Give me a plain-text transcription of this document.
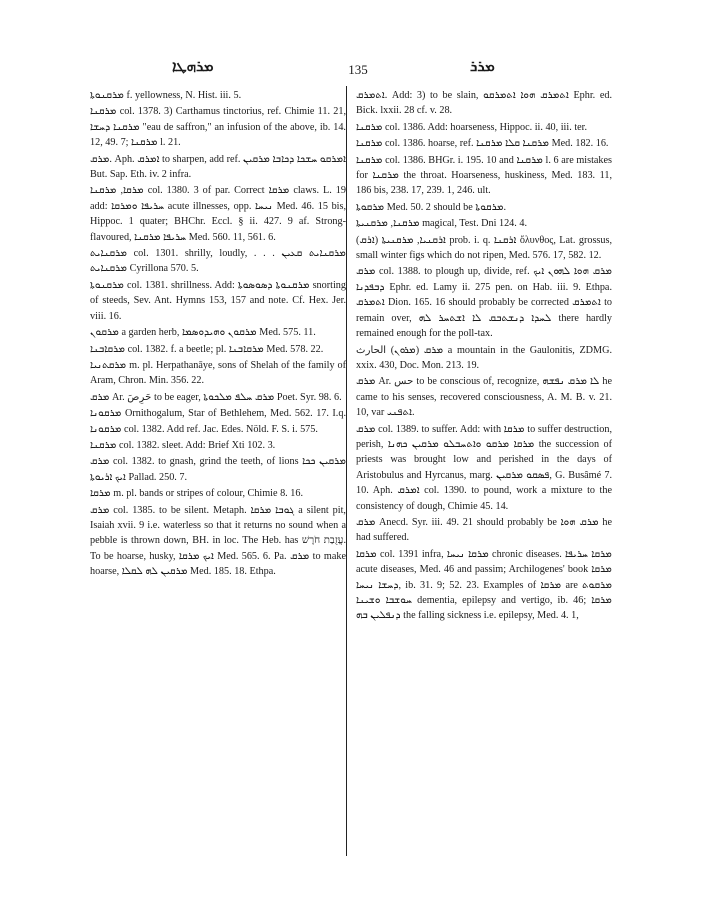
ܡܪܗܛܐ	135	ܡܪܪ

ܡܪܩܢܘܬܐ f. yellowness, N. Hist. iii. 5.

ܡܪܩܢܐ col. 1378. 3) Carthamus tinctorius, ref. Chimie 11. 21, ܡܪܩܢܐ ܕܚܫܐ "eau de saffron," an infusion of the above, ib. 14. 12, 49. 7; ܡܪܩܢܐ l. 21.

ܡܪܩ. Aph. ܐܡܪܩ to sharpen, add ref. ܐܡܪܩܘ ܚܫܟܐ ܕܟܐܒܐ ܡܪܩܝܢ But. Sap. Eth. iv. 2 infra.

ܡܪܩܐ, ܡܪܩܢܐ col. 1380. 3 of par. Correct ܡܪܩܐ claws. L. 19 add: ܚܪܝܦܐ ܘܡܪܩܐ acute illnesses, opp. ܢܝܚܐ Med. 46. 15 bis, Hippoc. 1 quater; BHChr. Eccl. § ii. 427. 9 af. Strong-flavoured, ܚܪܝܦܐ ܡܪܩܢܐ Med. 560. 11, 561. 6.

ܡܪܩܢܐܝܬ col. 1301. shrilly, loudly, . . . ܡܪܩܢܐܝܬ ܩܥܝܢ ܡܪܩܢܐܝܬ Cyrillona 570. 5.

ܡܪܩܢܘܬܐ col. 1381. shrillness. Add: ܡܪܩܢܘܬܐ ܕܣܘܣܘܬܐ snorting of steeds, Sev. Ant. Hymns 153, 157 and note. Cf. Hex. Jer. viii. 16.

ܡܪܩܘܢ a garden herb, ܡܪܩܘܢ ܘܗܝܕܘܣܡܐ Med. 575. 11.

ܡܪܩܐܒܢܐ col. 1382. f. a beetle; pl. ܡܪܩܐܒܢܐ Med. 578. 22.

ܡܪܩܬܢܝܐ m. pl. Herpathanāye, sons of Shelah of the family of Aram, Chron. Min. 356. 22.

ܡܪܩ Ar. حَرِصَ to be eager, ܡܪܩ ܚܠܦ ܡܠܟܘܬܐ Poet. Syr. 98. 6.

ܡܪܩܘܢܐ Ornithogalum, Star of Bethlehem, Med. 562. 17. I.q. ܡܪܩܘܢܐ col. 1382. Add ref. Jac. Edes. Nöld. F. S. i. 575.

ܡܪܩܢܐ col. 1382. sleet. Add: Brief Xti 102. 3.

ܡܪܩ col. 1382. to gnash, grind the teeth, of lions ܡܪܩܝܢ ܟܟܐ ܐܝܟ ܐܪܝܘܬܐ Pallad. 250. 7.

ܡܪܩܐ m. pl. bands or stripes of colour, Chimie 8. 16.

ܡܪܩ col. 1385. to be silent. Metaph. ܓܘܒܐ ܡܪܩܐ a silent pit, Isaiah xvii. 9 i.e. waterless so that it returns no sound when a pebble is thrown down, BH. in loc. The Heb. has עֲזֻבַת חֹרֶשׁ. To be hoarse, husky, ܐܝܟ ܡܪܩܐ Med. 565. 6. Pa. ܡܪܩ to make hoarse, ܡܪܩܝܢ ܠܗ ܠܩܠܐ Med. 185. 18. Ethpa.

ܐܬܡܪܩ. Add: 3) to be slain, ܐܬܡܪܩ ܗܘܐ ܐܬܡܪܩܘ Ephr. ed. Bick. lxxii. 28 cf. v. 28.

ܡܪܩܢܐ col. 1386. Add: hoarseness, Hippoc. ii. 40, iii. ter.

ܡܪܩܢܐ col. 1386. hoarse, ref. ܡܪܩܢܐ ܩܠܐ ܡܪܩܢܐ Med. 182. 16.

ܡܪܩܢܐ col. 1386. BHGr. i. 195. 10 and ܡܪܩܢܐ l. 6 are mistakes for ܡܪܩܢܐ the throat. Hoarseness, huskiness, Med. 183. 11, 186 bis, 238. 17, 239. 1, 246. ult.

ܡܪܩܘܬܐ Med. 50. 2 should be ܡܪܩܘܬܐ.

ܡܪܩܢܐ, ܡܪܩܢܝܬܐ magical, Test. Dni 124. 4.

ܐܪܩܢܝܐ, ܡܪܩܢܝܬܐ (ܐܪܩ) prob. i. q. ܐܪܩܢܐ ὄλυνθος, Lat. grossus, small winter figs which do not ripen, Med. 576. 17, 582. 12.

ܡܪܩ col. 1388. to plough up, divide, ref. ܡܪܩ ܗܘܐ ܠܗܘܢ ܐܝܟ ܕܒܦܕܢܐ Ephr. ed. Lamy ii. 275 pen. on Hab. iii. 9. Ethpa. ܐܬܡܪܩ Dion. 165. 16 should probably be corrected ܐܬܡܪܩ to remain over, ܠܚܕܐ ܕܢܫܬܒܩ ܠܐ ܐܫܬܚܪ ܠܗ there hardly remained enough for the poll-tax.

ܡܪܩ (ܡܪܘܢ) الحارث a mountain in the Gaulonitis, ZDMG. xxix. 430, Doc. Mon. 213. 19.

ܡܪܩ Ar. حس to be conscious of, recognize, ܠܐ ܡܪܩ ܢܦܫܗ he came to his senses, recovered consciousness, A. M. B. v. 21. 10, var ܐܬܦܢܝ.

ܡܪܩ col. 1389. to suffer. Add: with ܡܪܩܐ to suffer destruction, perish, ܡܪܩܐ ܡܪܩܘ ܘܐܬܚܒܠܘ ܡܪܩܝܢ ܟܗܢܐ the succession of priests was brought low and perished in the days of Aristobulus and Hyrcanus, marg. ܦܣܩܘ ܡܪܩܝܢ, G. Busâmé 7. 10. Aph. ܐܡܪܩ col. 1390. to pound, work a mixture to the consistency of dough, Chimie 45. 14.

ܡܪܩ Anecd. Syr. iii. 49. 21 should probably be ܡܪܩ ܗܘܐ he had suffered.

ܡܪܩܐ col. 1391 infra, ܡܪܩܐ ܢܝܚܐ chronic diseases. ܡܪܩܐ ܚܪܝܦܐ acute diseases, Med. 46 and passim; Archilogenes' book ܡܪܩܐ ܕܚܫܐ ܢܝܚܐ, ib. 31. 9; 52. 23. Examples of ܡܪܩܐ are ܡܪܩܘܬ ܚܘܫܒܐ ܘܫܝܢܐ dementia, epilepsy and vertigo, ib. 46; ܡܪܩܐ ܕܢܦܠܝܢ ܒܗ the falling sickness i.e. epilepsy, Med. 4. 1,
